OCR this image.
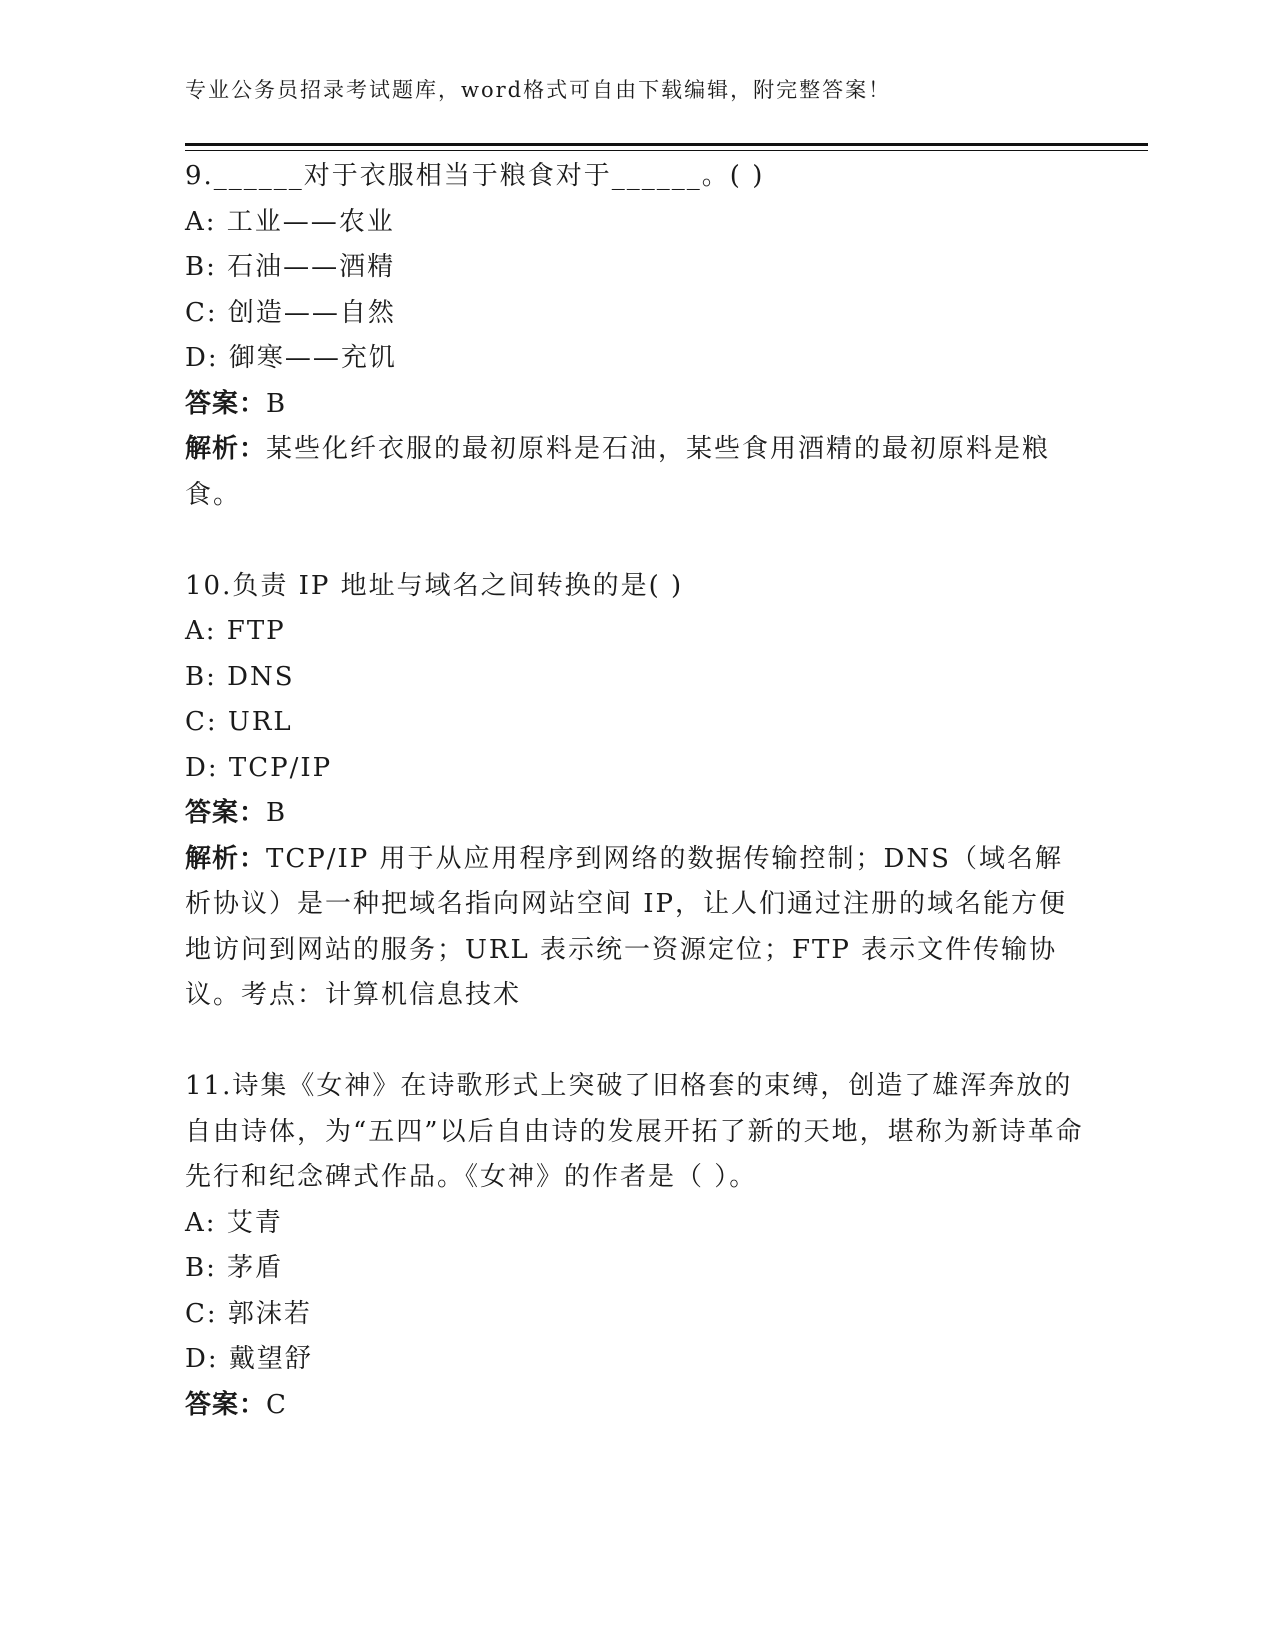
专业公务员招录考试题库，word格式可自由下载编辑，附完整答案！
9.______对于衣服相当于粮食对于______。( )
A: 工业——农业
B: 石油——酒精
C: 创造——自然
D: 御寒——充饥
答案：B
解析：某些化纤衣服的最初原料是石油，某些食用酒精的最初原料是粮食。
10.负责 IP 地址与域名之间转换的是( )
A: FTP
B: DNS
C: URL
D: TCP/IP
答案：B
解析：TCP/IP 用于从应用程序到网络的数据传输控制；DNS（域名解析协议）是一种把域名指向网站空间 IP，让人们通过注册的域名能方便地访问到网站的服务；URL 表示统一资源定位；FTP 表示文件传输协议。考点：计算机信息技术
11.诗集《女神》在诗歌形式上突破了旧格套的束缚，创造了雄浑奔放的自由诗体，为“五四”以后自由诗的发展开拓了新的天地，堪称为新诗革命先行和纪念碑式作品。《女神》的作者是（ ）。
A: 艾青
B: 茅盾
C: 郭沫若
D: 戴望舒
答案：C
